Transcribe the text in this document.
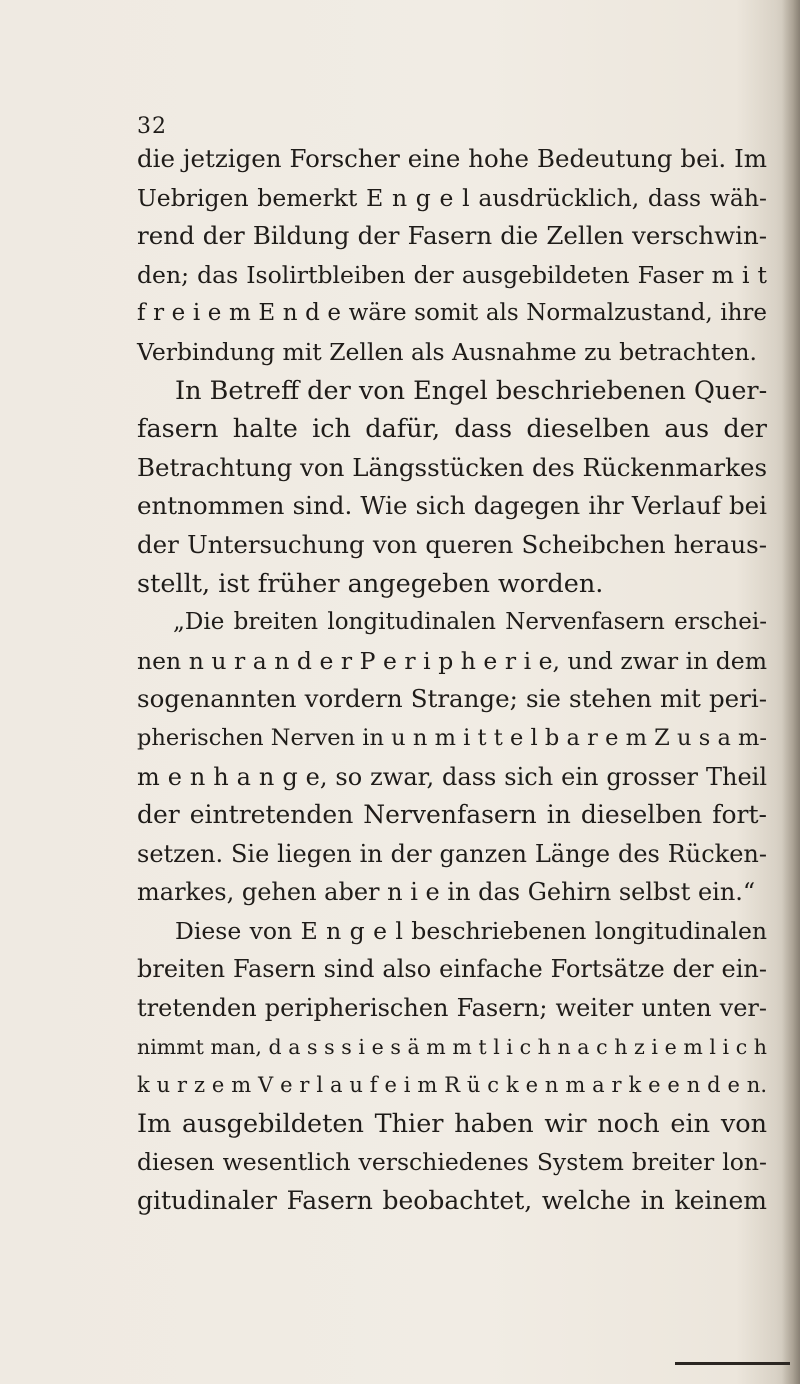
32
die jetzigen Forscher eine hohe Bedeutung bei. Im
Uebrigen bemerkt E n g e l ausdrücklich, dass wäh-
rend der Bildung der Fasern die Zellen verschwin-
den; das Isolirtbleiben der ausgebildeten Faser m i t
f r e i e m E n d e wäre somit als Normalzustand, ihre
Verbindung mit Zellen als Ausnahme zu betrachten.
In Betreff der von Engel beschriebenen Quer-
fasern halte ich dafür, dass dieselben aus der
Betrachtung von Längsstücken des Rückenmarkes
entnommen sind. Wie sich dagegen ihr Verlauf bei
der Untersuchung von queren Scheibchen heraus-
stellt, ist früher angegeben worden.
„Die breiten longitudinalen Nervenfasern erschei-
nen n u r a n d e r P e r i p h e r i e, und zwar in dem
sogenannten vordern Strange; sie stehen mit peri-
pherischen Nerven in u n m i t t e l b a r e m Z u s a m-
m e n h a n g e, so zwar, dass sich ein grosser Theil
der eintretenden Nervenfasern in dieselben fort-
setzen. Sie liegen in der ganzen Länge des Rücken-
markes, gehen aber n i e in das Gehirn selbst ein.“
Diese von E n g e l beschriebenen longitudinalen
breiten Fasern sind also einfache Fortsätze der ein-
tretenden peripherischen Fasern; weiter unten ver-
nimmt man, d a s s s i e s ä m m t l i c h n a c h z i e m l i c h
k u r z e m V e r l a u f e i m R ü c k e n m a r k e e n d e n.
Im ausgebildeten Thier haben wir noch ein von
diesen wesentlich verschiedenes System breiter lon-
gitudinaler Fasern beobachtet, welche in keinem
